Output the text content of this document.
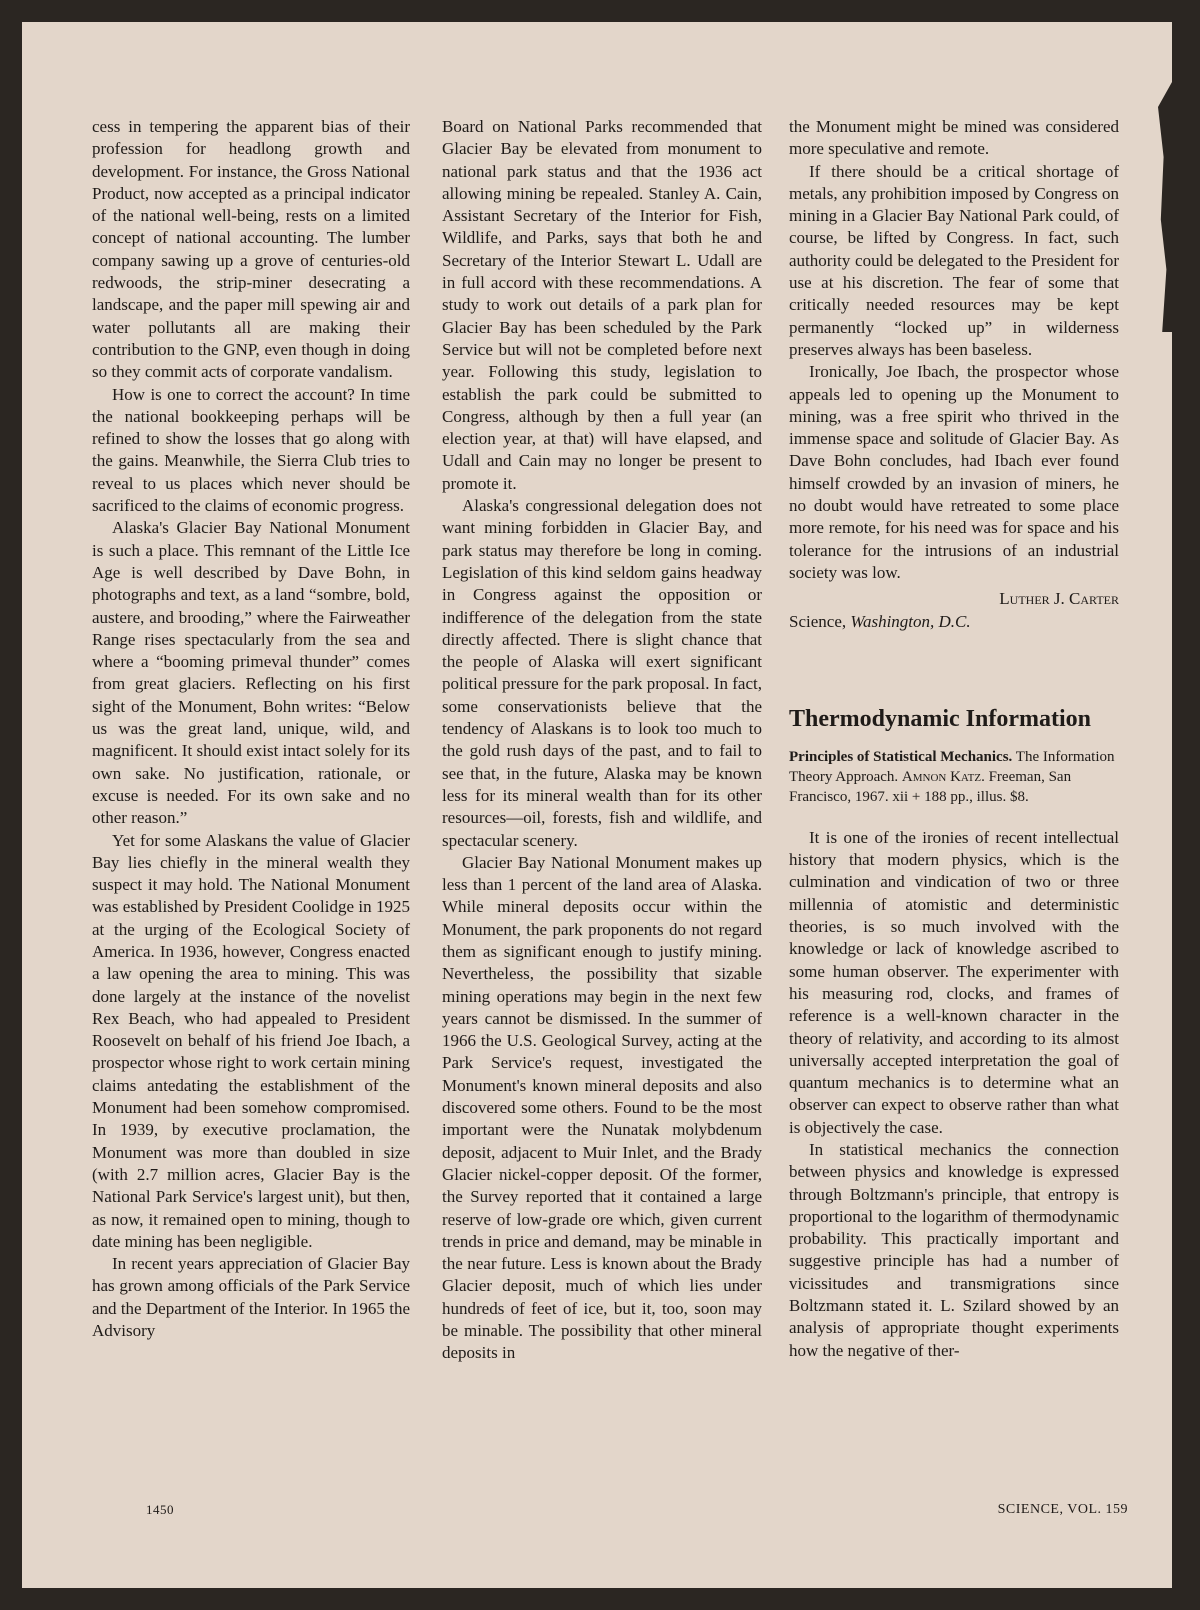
cess in tempering the apparent bias of their profession for headlong growth and development. For instance, the Gross National Product, now accepted as a principal indicator of the national well-being, rests on a limited concept of national accounting. The lumber company sawing up a grove of centuries-old redwoods, the strip-miner desecrating a landscape, and the paper mill spewing air and water pollutants all are making their contribution to the GNP, even though in doing so they commit acts of corporate vandalism.

How is one to correct the account? In time the national bookkeeping perhaps will be refined to show the losses that go along with the gains. Meanwhile, the Sierra Club tries to reveal to us places which never should be sacrificed to the claims of economic progress.

Alaska's Glacier Bay National Monument is such a place. This remnant of the Little Ice Age is well described by Dave Bohn, in photographs and text, as a land “sombre, bold, austere, and brooding,” where the Fairweather Range rises spectacularly from the sea and where a “booming primeval thunder” comes from great glaciers. Reflecting on his first sight of the Monument, Bohn writes: “Below us was the great land, unique, wild, and magnificent. It should exist intact solely for its own sake. No justification, rationale, or excuse is needed. For its own sake and no other reason.”

Yet for some Alaskans the value of Glacier Bay lies chiefly in the mineral wealth they suspect it may hold. The National Monument was established by President Coolidge in 1925 at the urging of the Ecological Society of America. In 1936, however, Congress enacted a law opening the area to mining. This was done largely at the instance of the novelist Rex Beach, who had appealed to President Roosevelt on behalf of his friend Joe Ibach, a prospector whose right to work certain mining claims antedating the establishment of the Monument had been somehow compromised. In 1939, by executive proclamation, the Monument was more than doubled in size (with 2.7 million acres, Glacier Bay is the National Park Service's largest unit), but then, as now, it remained open to mining, though to date mining has been negligible.

In recent years appreciation of Glacier Bay has grown among officials of the Park Service and the Department of the Interior. In 1965 the Advisory

Board on National Parks recommended that Glacier Bay be elevated from monument to national park status and that the 1936 act allowing mining be repealed. Stanley A. Cain, Assistant Secretary of the Interior for Fish, Wildlife, and Parks, says that both he and Secretary of the Interior Stewart L. Udall are in full accord with these recommendations. A study to work out details of a park plan for Glacier Bay has been scheduled by the Park Service but will not be completed before next year. Following this study, legislation to establish the park could be submitted to Congress, although by then a full year (an election year, at that) will have elapsed, and Udall and Cain may no longer be present to promote it.

Alaska's congressional delegation does not want mining forbidden in Glacier Bay, and park status may therefore be long in coming. Legislation of this kind seldom gains headway in Congress against the opposition or indifference of the delegation from the state directly affected. There is slight chance that the people of Alaska will exert significant political pressure for the park proposal. In fact, some conservationists believe that the tendency of Alaskans is to look too much to the gold rush days of the past, and to fail to see that, in the future, Alaska may be known less for its mineral wealth than for its other resources—oil, forests, fish and wildlife, and spectacular scenery.

Glacier Bay National Monument makes up less than 1 percent of the land area of Alaska. While mineral deposits occur within the Monument, the park proponents do not regard them as significant enough to justify mining. Nevertheless, the possibility that sizable mining operations may begin in the next few years cannot be dismissed. In the summer of 1966 the U.S. Geological Survey, acting at the Park Service's request, investigated the Monument's known mineral deposits and also discovered some others. Found to be the most important were the Nunatak molybdenum deposit, adjacent to Muir Inlet, and the Brady Glacier nickel-copper deposit. Of the former, the Survey reported that it contained a large reserve of low-grade ore which, given current trends in price and demand, may be minable in the near future. Less is known about the Brady Glacier deposit, much of which lies under hundreds of feet of ice, but it, too, soon may be minable. The possibility that other mineral deposits in

the Monument might be mined was considered more speculative and remote.

If there should be a critical shortage of metals, any prohibition imposed by Congress on mining in a Glacier Bay National Park could, of course, be lifted by Congress. In fact, such authority could be delegated to the President for use at his discretion. The fear of some that critically needed resources may be kept permanently “locked up” in wilderness preserves always has been baseless.

Ironically, Joe Ibach, the prospector whose appeals led to opening up the Monument to mining, was a free spirit who thrived in the immense space and solitude of Glacier Bay. As Dave Bohn concludes, had Ibach ever found himself crowded by an invasion of miners, he no doubt would have retreated to some place more remote, for his need was for space and his tolerance for the intrusions of an industrial society was low.

Luther J. Carter

Science, Washington, D.C.

Thermodynamic Information
Principles of Statistical Mechanics. The Information Theory Approach. Amnon Katz. Freeman, San Francisco, 1967. xii + 188 pp., illus. $8.

It is one of the ironies of recent intellectual history that modern physics, which is the culmination and vindication of two or three millennia of atomistic and deterministic theories, is so much involved with the knowledge or lack of knowledge ascribed to some human observer. The experimenter with his measuring rod, clocks, and frames of reference is a well-known character in the theory of relativity, and according to its almost universally accepted interpretation the goal of quantum mechanics is to determine what an observer can expect to observe rather than what is objectively the case.

In statistical mechanics the connection between physics and knowledge is expressed through Boltzmann's principle, that entropy is proportional to the logarithm of thermodynamic probability. This practically important and suggestive principle has had a number of vicissitudes and transmigrations since Boltzmann stated it. L. Szilard showed by an analysis of appropriate thought experiments how the negative of ther-

1450	SCIENCE, VOL. 159
